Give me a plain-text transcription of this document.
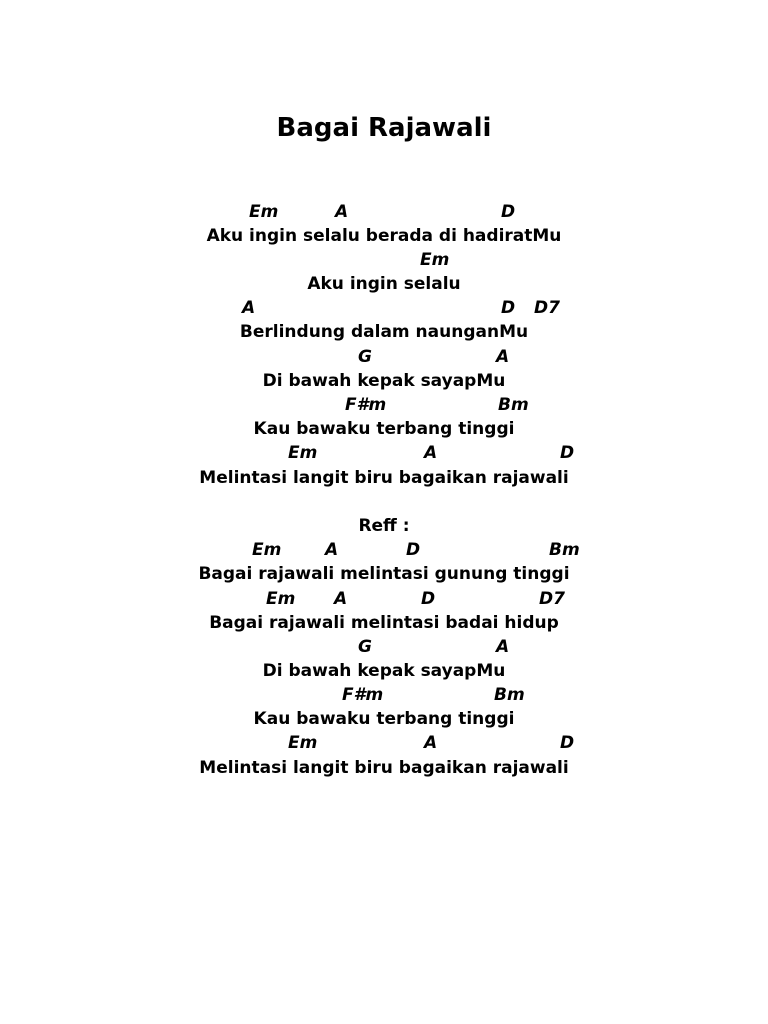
Bagai Rajawali

Em

	A

	D

Aku ingin selalu berada di hadiratMu

Em

Aku ingin selalu

A

	D

D7

Berlindung dalam naunganMu

G

	A

Di bawah kepak sayapMu

F#m

	Bm

Kau bawaku terbang tinggi

Em

	A

	D

Melintasi langit biru bagaikan rajawali
Reff :

Em

	A

	D

	Bm

Bagai rajawali melintasi gunung tinggi

Em

A

	D

	D7

Bagai rajawali melintasi badai hidup

G

	A

Di bawah kepak sayapMu

F#m

	Bm

Kau bawaku terbang tinggi

Em

	A

	D

Melintasi langit biru bagaikan rajawali
